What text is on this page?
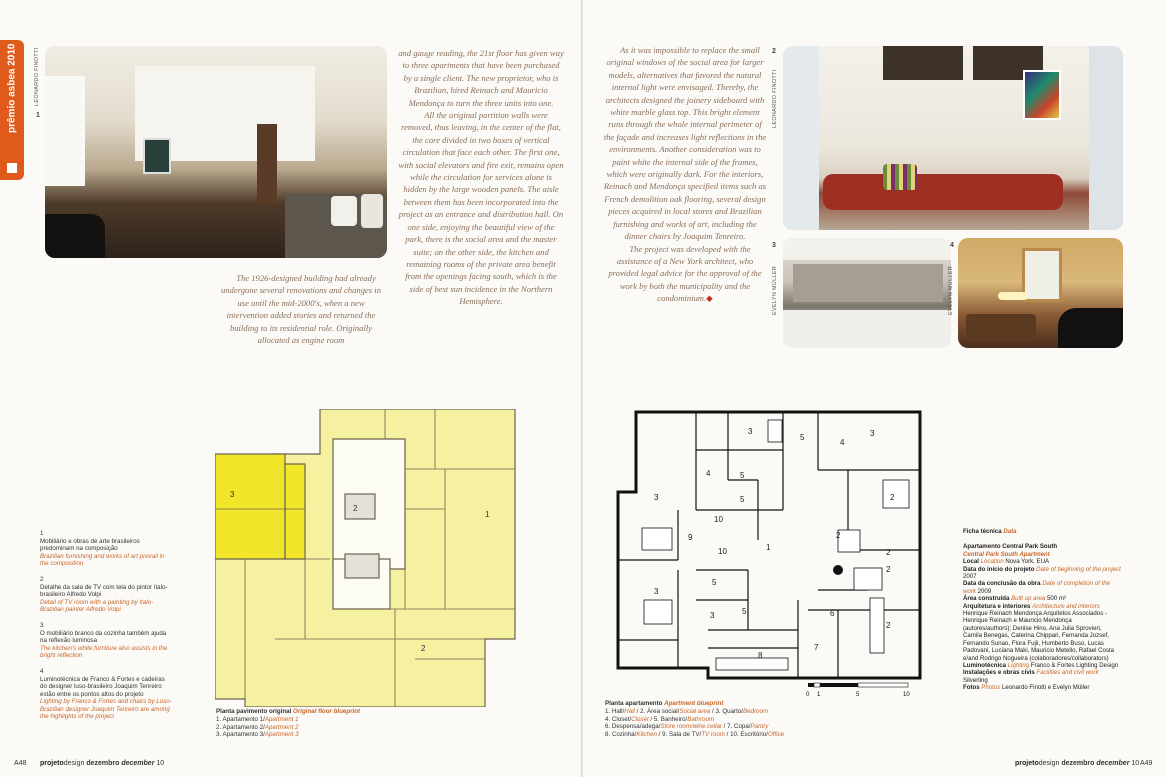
prêmio asbea 2010	LEONARDO FINOTTI
1

The 1926-designed building had already undergone several renovations and changes in use until the mid-2000's, when a new intervention added stories and returned the building to its residential role. Originally allocated as engine room

and gauge reading, the 21st floor has given way to three apartments that have been purchased by a single client. The new proprietor, who is Brazilian, hired Reinach and Mauricio Mendonça to turn the three units into one.

All the original partition walls were removed, thus leaving, in the center of the flat, the core divided in two boxes of vertical circulation that face each other. The first one, with social elevators and fire exit, remains open while the circulation for services alone is hidden by the large wooden panels. The aisle between them has been incorporated into the project as an entrance and distribution hall. On one side, enjoying the beautiful view of the park, there is the social area and the master suite; on the other side, the kitchen and remaining rooms of the private area benefit from the openings facing south, which is the side of best sun incidence in the Northern Hemisphere.

1
Mobiliário e obras de arte brasileiros predominam na composição
Brazilian furnishing and works of art prevail in the composition
2
Detalhe da sala de TV com tela do pintor ítalo-brasileiro Alfredo Volpi
Detail of TV room with a painting by Italo-Brazilian painter Alfredo Volpi
3
O mobiliário branco da cozinha também ajuda na reflexão luminosa
The kitchen's white furniture also assists in the bright reflection
4
Luminotécnica de Franco & Fortes e cadeiras do designer luso-brasileiro Joaquim Tenreiro estão entre os pontos altos do projeto
Lighting by Franco & Fortes and chairs by Luso-Brazilian designer Joaquim Tenreiro are among the highlights of the project
3
2
1
2
Planta pavimento original Original floor blueprint
1. Apartamento 1/Apartment 1
2. Apartamento 2/Apartment 2
3. Apartamento 3/Apartment 3
A48 projetodesign dezembro december 10

As it was impossible to replace the small original windows of the social area for larger models, alternatives that favored the natural internal light were envisaged. Thereby, the architects designed the joinery sideboard with white marble glass top. This bright element runs through the whole internal perimeter of the façade and increases light reflections in the environments. Another consideration was to paint white the internal side of the frames, which were originally dark. For the interiors, Reinach and Mendonça specified items such as French demolition oak flooring, several design pieces acquired in local stores and Brazilian furnishing and works of art, including the dinner chairs by Joaquim Tenreiro.

The project was developed with the assistance of a New York architect, who provided legal advice for the approval of the work by both the municipality and the condominium.◆

LEONARDO FINOTTI
2
EVELYN MÜLLER
3
EVELYN MÜLLER
4
3
5
4
3
4	5
2
3	5
10
9	2
10	1
2
2
3
5
6
8
7
3
2
5
0 1	5	10
Planta apartamento Apartment blueprint
1. Hall/Hall / 2. Área social/Social area / 3. Quarto/Bedroom
4. Closet/Closet / 5. Banheiro/Bathroom
6. Despensa/adega/Store room/wine cellar / 7. Copa/Pantry
8. Cozinha/Kitchen / 9. Sala de TV/TV room / 10. Escritório/Office
Ficha técnica Data
Apartamento Central Park South
Central Park South Apartment
Local Location Nova York, EUA
Data do início do projeto Date of beginning of the project 2007
Data da conclusão da obra Date of completion of the work 2009
Área construída Built up area 500 m²
Arquitetura e interiores Architecture and interiors Henrique Reinach Mendonça Arquitetos Associados - Henrique Reinach e Mauricio Mendonça (autores/authors); Denise Hino, Ana Julia Sprovieri, Camila Benegas, Caterina Chippari, Fernanda Jozsef, Fernando Sunao, Flora Fujii, Humberto Buso, Lucas Padovani, Luciana Maki, Mauricio Metello, Rafael Costa e/and Rodrigo Nogueira (colaboradores/collaborators)
Luminotécnica Lighting Franco & Fortes Lighting Design
Instalações e obras civis Facilities and civil work Silverling
Fotos Photos Leonardo Finotti e Evelyn Müller
projetodesign dezembro december 10 A49
